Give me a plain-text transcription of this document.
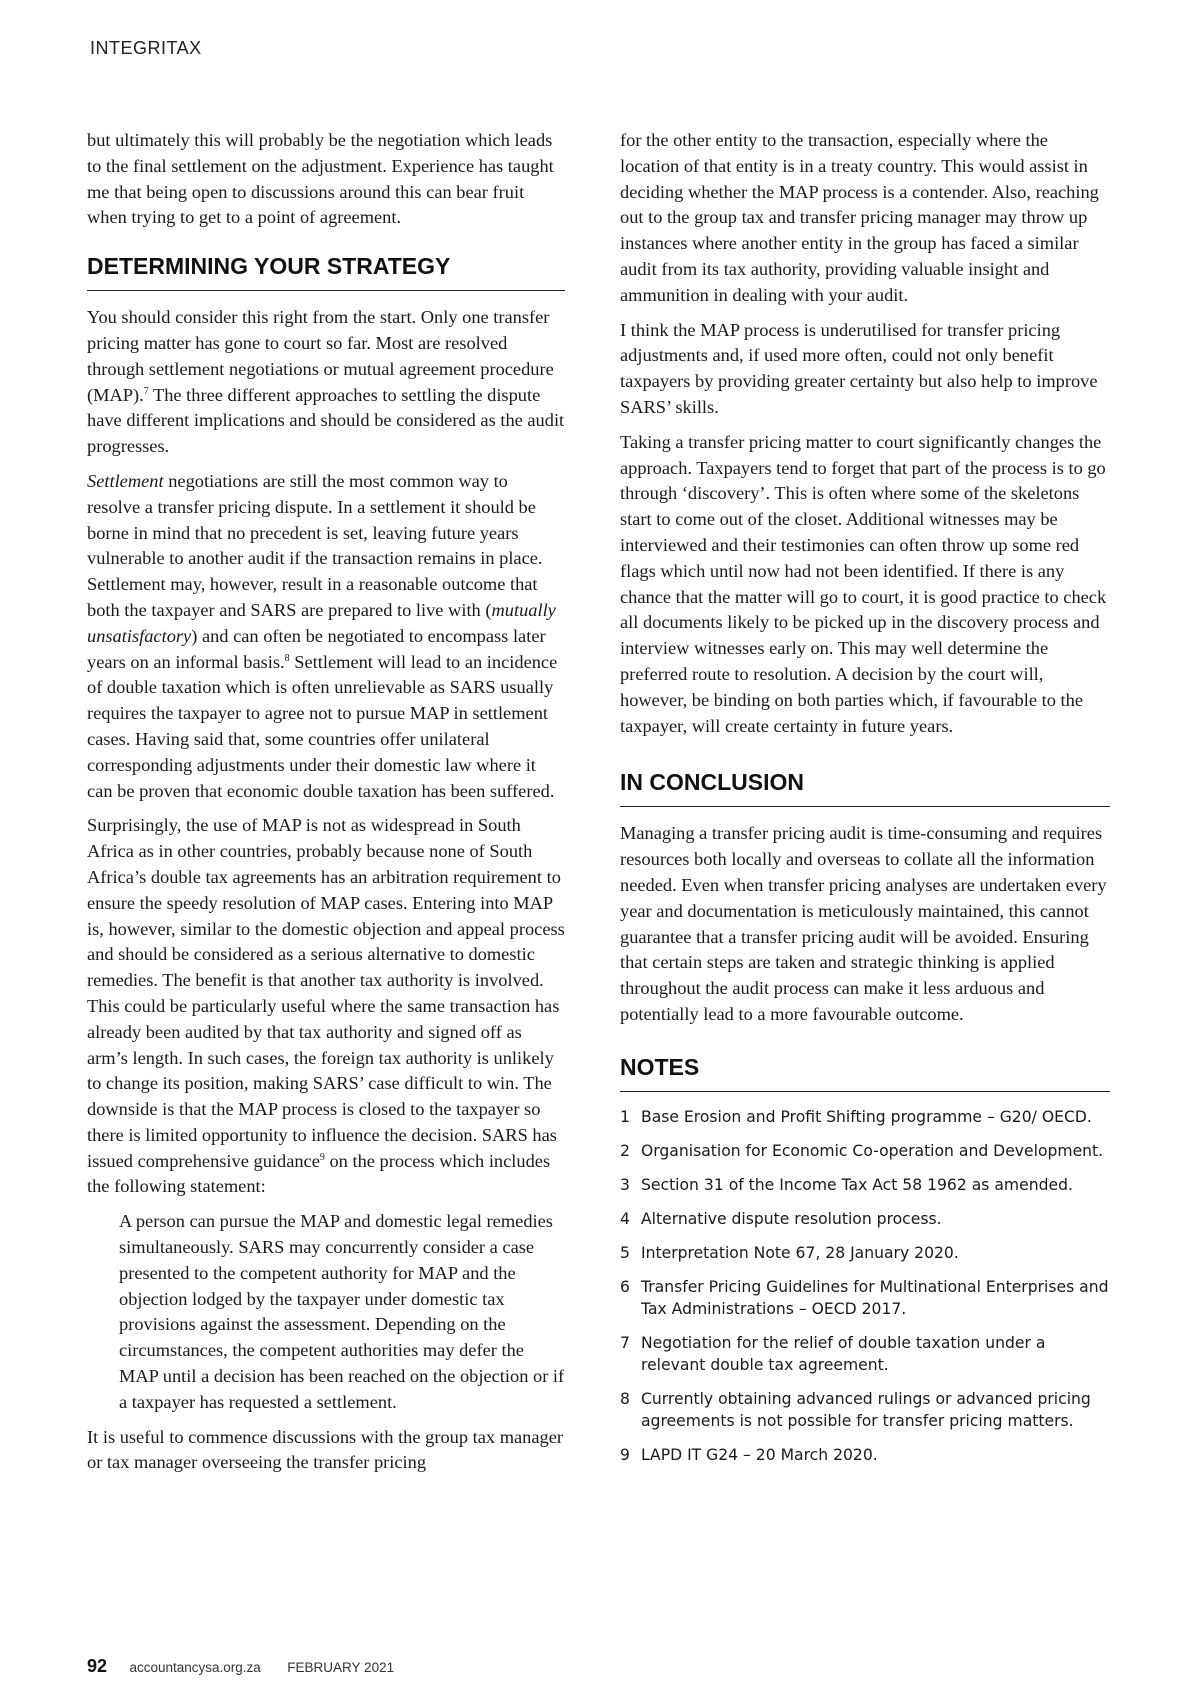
INTEGRITAX

but ultimately this will probably be the negotiation which leads to the final settlement on the adjustment. Experience has taught me that being open to discussions around this can bear fruit when trying to get to a point of agreement.

DETERMINING YOUR STRATEGY

You should consider this right from the start. Only one transfer pricing matter has gone to court so far. Most are resolved through settlement negotiations or mutual agreement procedure (MAP).$^7$ The three different approaches to settling the dispute have different implications and should be considered as the audit progresses.

Settlement negotiations are still the most common way to resolve a transfer pricing dispute. In a settlement it should be borne in mind that no precedent is set, leaving future years vulnerable to another audit if the transaction remains in place. Settlement may, however, result in a reasonable outcome that both the taxpayer and SARS are prepared to live with (mutually unsatisfactory) and can often be negotiated to encompass later years on an informal basis.$^8$ Settlement will lead to an incidence of double taxation which is often unrelievable as SARS usually requires the taxpayer to agree not to pursue MAP in settlement cases. Having said that, some countries offer unilateral corresponding adjustments under their domestic law where it can be proven that economic double taxation has been suffered.

Surprisingly, the use of MAP is not as widespread in South Africa as in other countries, probably because none of South Africa’s double tax agreements has an arbitration requirement to ensure the speedy resolution of MAP cases. Entering into MAP is, however, similar to the domestic objection and appeal process and should be considered as a serious alternative to domestic remedies. The benefit is that another tax authority is involved. This could be particularly useful where the same transaction has already been audited by that tax authority and signed off as arm’s length. In such cases, the foreign tax authority is unlikely to change its position, making SARS’ case difficult to win. The downside is that the MAP process is closed to the taxpayer so there is limited opportunity to influence the decision. SARS has issued comprehensive guidance$^9$ on the process which includes the following statement:

A person can pursue the MAP and domestic legal remedies simultaneously. SARS may concurrently consider a case presented to the competent authority for MAP and the objection lodged by the taxpayer under domestic tax provisions against the assessment. Depending on the circumstances, the competent authorities may defer the MAP until a decision has been reached on the objection or if a taxpayer has requested a settlement.

It is useful to commence discussions with the group tax manager or tax manager overseeing the transfer pricing

for the other entity to the transaction, especially where the location of that entity is in a treaty country. This would assist in deciding whether the MAP process is a contender. Also, reaching out to the group tax and transfer pricing manager may throw up instances where another entity in the group has faced a similar audit from its tax authority, providing valuable insight and ammunition in dealing with your audit.

I think the MAP process is underutilised for transfer pricing adjustments and, if used more often, could not only benefit taxpayers by providing greater certainty but also help to improve SARS’ skills.

Taking a transfer pricing matter to court significantly changes the approach. Taxpayers tend to forget that part of the process is to go through ‘discovery’. This is often where some of the skeletons start to come out of the closet. Additional witnesses may be interviewed and their testimonies can often throw up some red flags which until now had not been identified. If there is any chance that the matter will go to court, it is good practice to check all documents likely to be picked up in the discovery process and interview witnesses early on. This may well determine the preferred route to resolution. A decision by the court will, however, be binding on both parties which, if favourable to the taxpayer, will create certainty in future years.

IN CONCLUSION

Managing a transfer pricing audit is time-consuming and requires resources both locally and overseas to collate all the information needed. Even when transfer pricing analyses are undertaken every year and documentation is meticulously maintained, this cannot guarantee that a transfer pricing audit will be avoided. Ensuring that certain steps are taken and strategic thinking is applied throughout the audit process can make it less arduous and potentially lead to a more favourable outcome.

NOTES
1 Base Erosion and Profit Shifting programme – G20/ OECD.
2 Organisation for Economic Co-operation and Development.
3 Section 31 of the Income Tax Act 58 1962 as amended.
4 Alternative dispute resolution process.
5 Interpretation Note 67, 28 January 2020.
6 Transfer Pricing Guidelines for Multinational Enterprises and Tax Administrations – OECD 2017.
7 Negotiation for the relief of double taxation under a relevant double tax agreement.
8 Currently obtaining advanced rulings or advanced pricing agreements is not possible for transfer pricing matters.
9 LAPD IT G24 – 20 March 2020.
92 accountancysa.org.za FEBRUARY 2021
